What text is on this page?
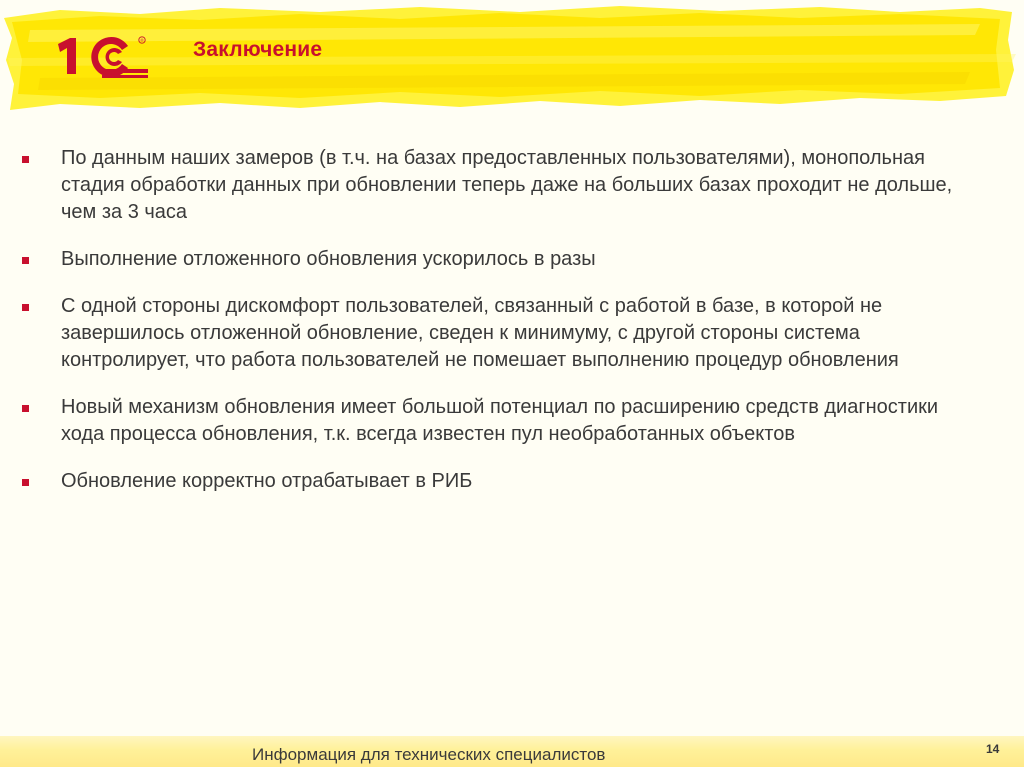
® Заключение
По данным наших замеров (в т.ч. на базах предоставленных пользователями), монопольная стадия обработки данных при обновлении теперь даже на больших базах проходит не дольше, чем за 3 часа
Выполнение отложенного обновления ускорилось в разы
С одной стороны дискомфорт пользователей, связанный с работой в базе, в которой не завершилось отложенной обновление, сведен к минимуму, с другой стороны система контролирует, что работа пользователей не помешает выполнению процедур обновления
Новый механизм обновления имеет большой потенциал по расширению средств диагностики хода процесса обновления, т.к. всегда известен пул необработанных объектов
Обновление корректно отрабатывает в РИБ
Информация для технических специалистов	14
